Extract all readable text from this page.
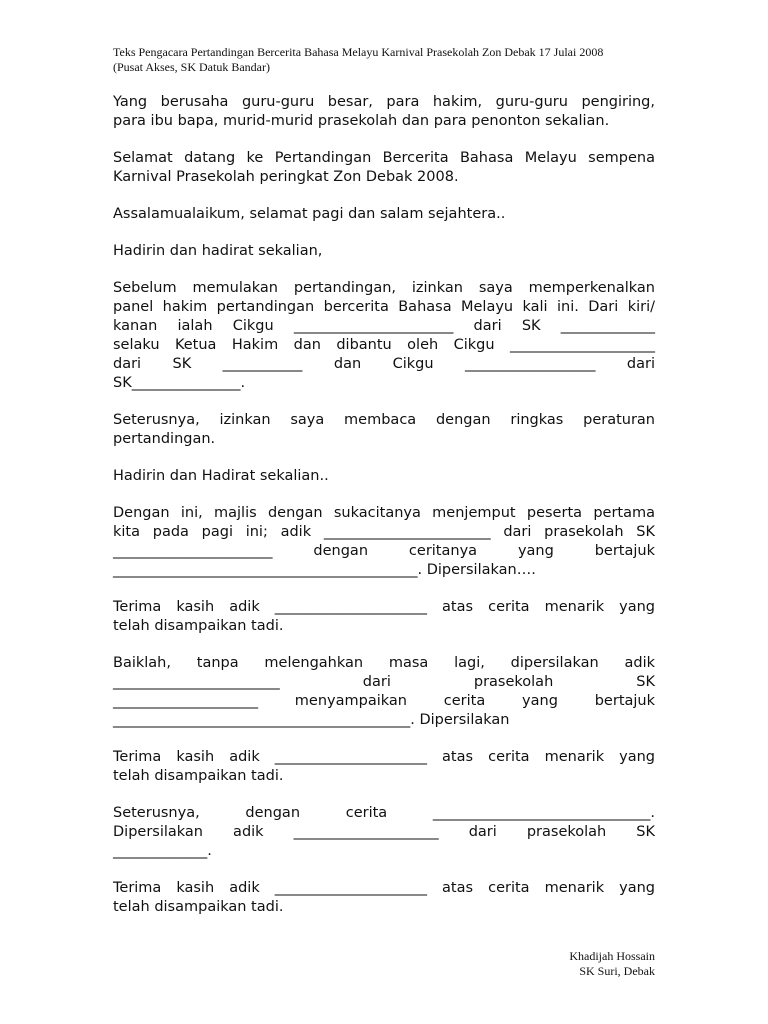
Teks Pengacara Pertandingan Bercerita Bahasa Melayu Karnival Prasekolah Zon Debak 17 Julai 2008
(Pusat Akses, SK Datuk Bandar)
Yang berusaha guru-guru besar, para hakim, guru-guru pengiring,
para ibu bapa, murid-murid prasekolah dan para penonton sekalian.
Selamat datang ke Pertandingan Bercerita Bahasa Melayu sempena
Karnival Prasekolah peringkat Zon Debak 2008.
Assalamualaikum, selamat pagi dan salam sejahtera..
Hadirin dan hadirat sekalian,
Sebelum memulakan pertandingan, izinkan saya memperkenalkan
panel hakim pertandingan bercerita Bahasa Melayu kali ini. Dari kiri/
kanan ialah Cikgu ______________________ dari SK _____________
selaku Ketua Hakim dan dibantu oleh Cikgu ____________________
dari SK ___________ dan Cikgu __________________ dari
SK_______________.
Seterusnya, izinkan saya membaca dengan ringkas peraturan
pertandingan.
Hadirin dan Hadirat sekalian..
Dengan ini, majlis dengan sukacitanya menjemput peserta pertama
kita pada pagi ini; adik _______________________ dari prasekolah SK
______________________ dengan ceritanya yang bertajuk
__________________________________________. Dipersilakan….
Terima kasih adik _____________________ atas cerita menarik yang
telah disampaikan tadi.
Baiklah, tanpa melengahkan masa lagi, dipersilakan adik
_______________________ dari prasekolah SK
____________________ menyampaikan cerita yang bertajuk
_________________________________________. Dipersilakan
Terima kasih adik _____________________ atas cerita menarik yang
telah disampaikan tadi.
Seterusnya, dengan cerita ______________________________.
Dipersilakan adik ____________________ dari prasekolah SK
_____________.
Terima kasih adik _____________________ atas cerita menarik yang
telah disampaikan tadi.
Khadijah Hossain
SK Suri, Debak
